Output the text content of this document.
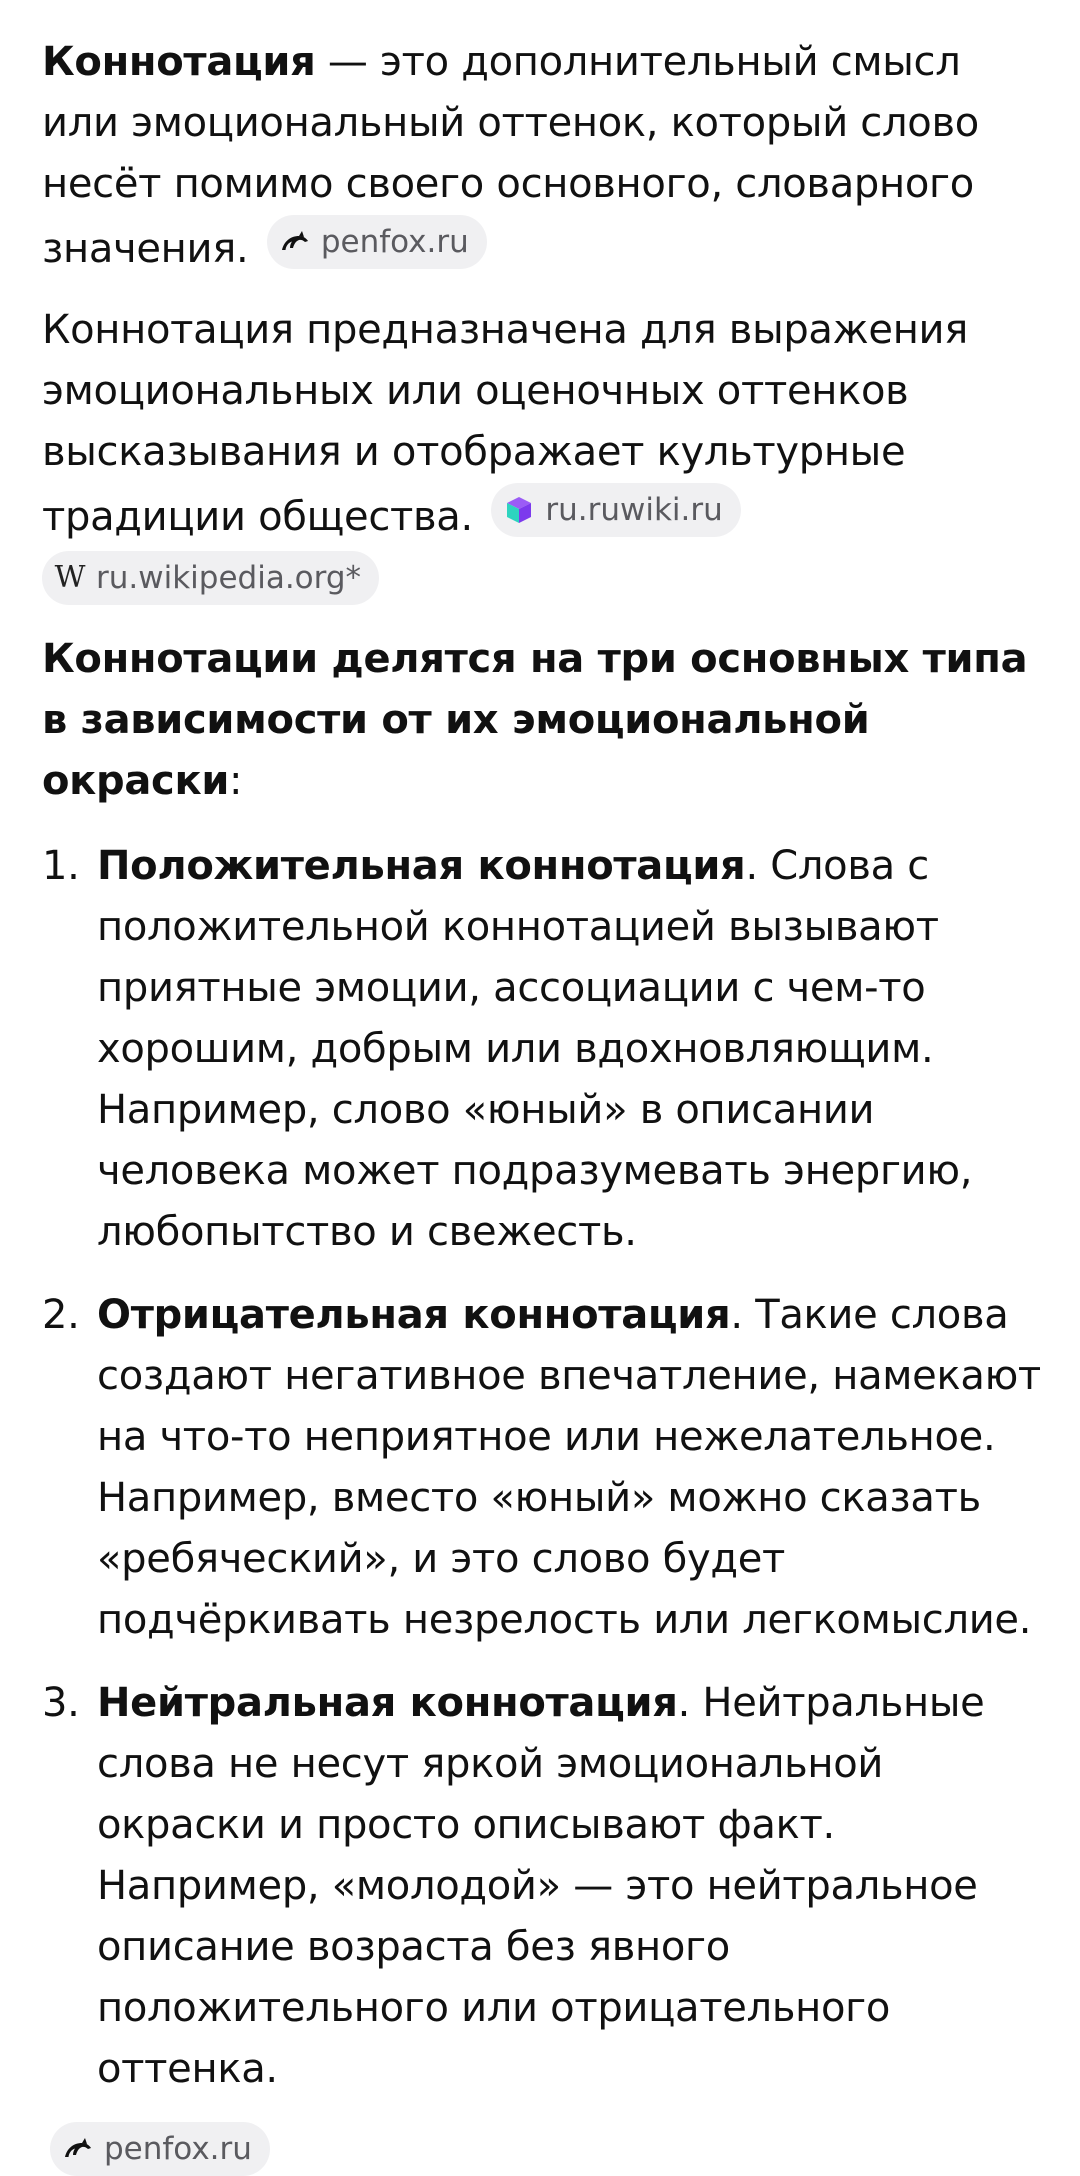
Коннотация — это дополнительный смысл или эмоциональный оттенок, который слово несёт помимо своего основного, словарного значения. penfox.ru

Коннотация предназначена для выражения эмоциональных или оценочных оттенков высказывания и отображает культурные традиции общества. ru.ruwiki.ru

W ru.wikipedia.org*

Коннотации делятся на три основных типа в зависимости от их эмоциональной окраски:

1. Положительная коннотация. Слова с положительной коннотацией вызывают приятные эмоции, ассоциации с чем-то хорошим, добрым или вдохновляющим. Например, слово «юный» в описании человека может подразумевать энергию, любопытство и свежесть.
2. Отрицательная коннотация. Такие слова создают негативное впечатление, намекают на что-то неприятное или нежелательное. Например, вместо «юный» можно сказать «ребяческий», и это слово будет подчёркивать незрелость или легкомыслие.
3. Нейтральная коннотация. Нейтральные слова не несут яркой эмоциональной окраски и просто описывают факт. Например, «молодой» — это нейтральное описание возраста без явного положительного или отрицательного оттенка.
penfox.ru
